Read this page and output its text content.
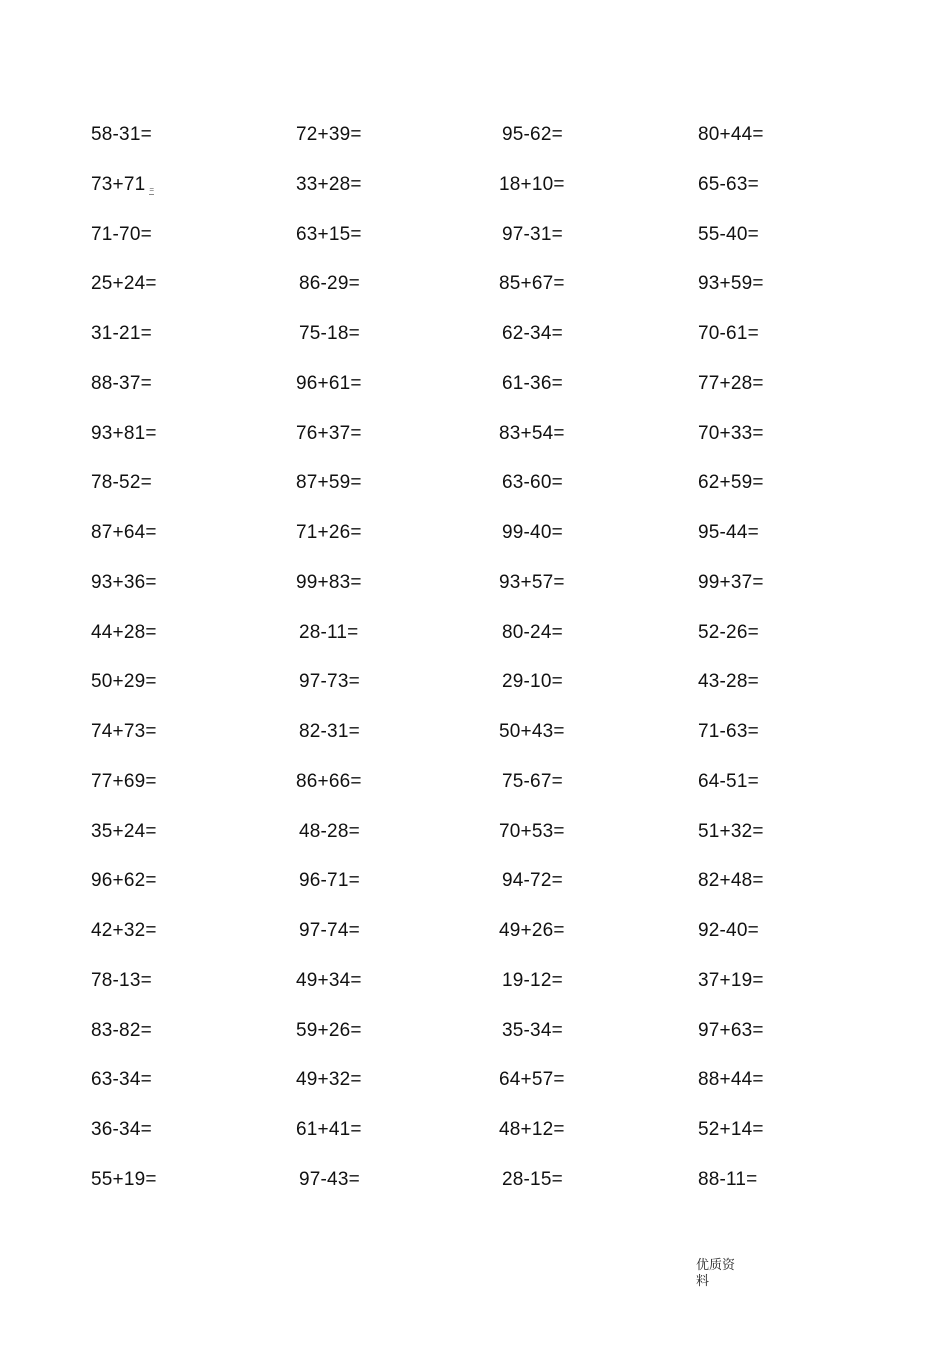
58-31=	72+39=	95-62=	80+44=
73+71 =	33+28=	18+10=	65-63=
71-70=	63+15=	97-31=	55-40=
25+24=	86-29=	85+67=	93+59=
31-21=	75-18=	62-34=	70-61=
88-37=	96+61=	61-36=	77+28=
93+81=	76+37=	83+54=	70+33=
78-52=	87+59=	63-60=	62+59=
87+64=	71+26=	99-40=	95-44=
93+36=	99+83=	93+57=	99+37=
44+28=	28-11=	80-24=	52-26=
50+29=	97-73=	29-10=	43-28=
74+73=	82-31=	50+43=	71-63=
77+69=	86+66=	75-67=	64-51=
35+24=	48-28=	70+53=	51+32=
96+62=	96-71=	94-72=	82+48=
42+32=	97-74=	49+26=	92-40=
78-13=	49+34=	19-12=	37+19=
83-82=	59+26=	35-34=	97+63=
63-34=	49+32=	64+57=	88+44=
36-34=	61+41=	48+12=	52+14=
55+19=	97-43=	28-15=	88-11=
优质资料
